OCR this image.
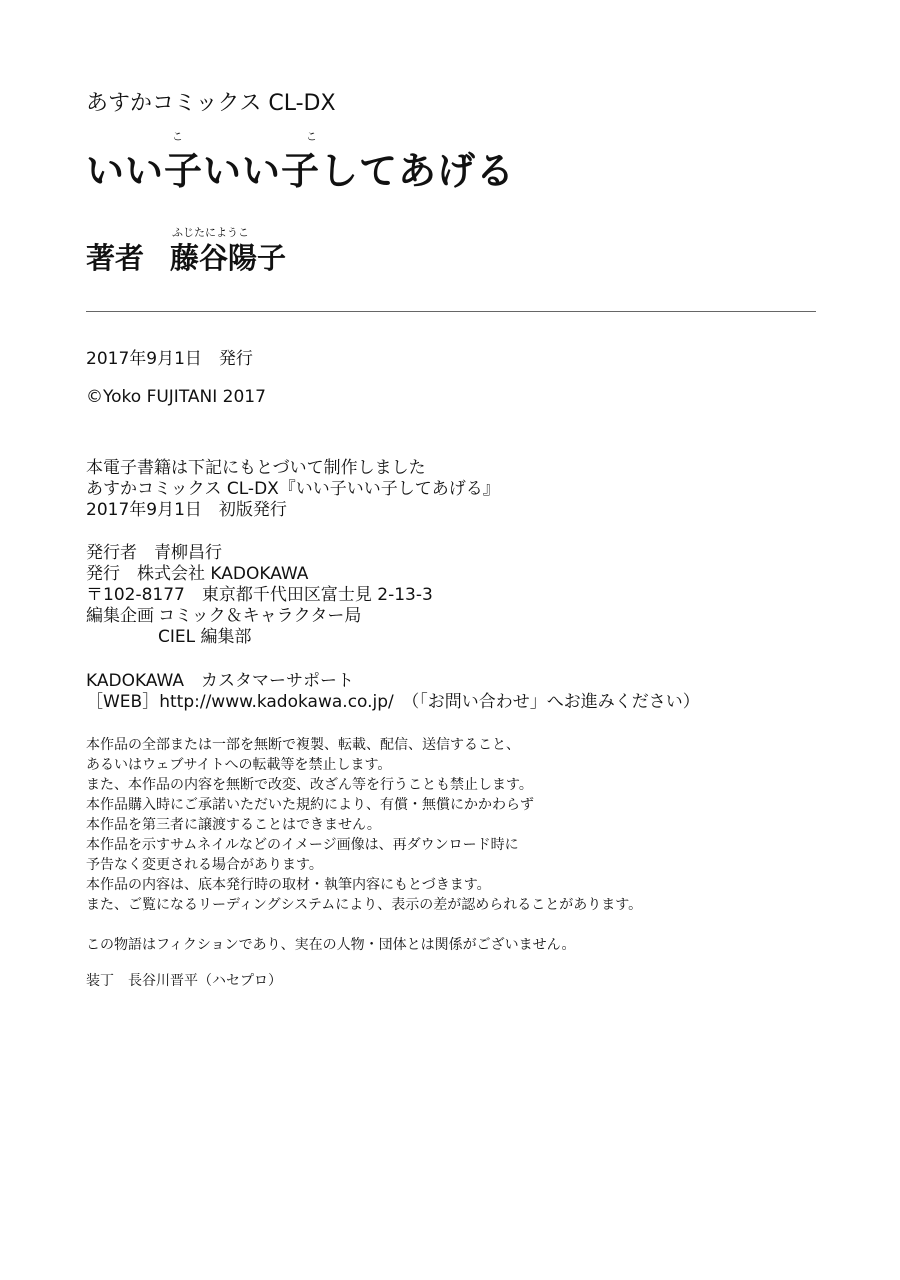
あすかコミックス CL-DX
こ	こ
いい子いい子してあげる
ふじたにようこ
著者 藤谷陽子
2017年9月1日　発行
©Yoko FUJITANI 2017
本電子書籍は下記にもとづいて制作しました
あすかコミックス CL-DX『いい子いい子してあげる』
2017年9月1日　初版発行
発行者　青柳昌行
発行　株式会社 KADOKAWA
〒102-8177　東京都千代田区富士見 2-13-3
編集企画 コミック＆キャラクター局
CIEL 編集部
KADOKAWA　カスタマーサポート
［WEB］http://www.kadokawa.co.jp/　（「お問い合わせ」へお進みください）
本作品の全部または一部を無断で複製、転載、配信、送信すること、
あるいはウェブサイトへの転載等を禁止します。
また、本作品の内容を無断で改変、改ざん等を行うことも禁止します。
本作品購入時にご承諾いただいた規約により、有償・無償にかかわらず
本作品を第三者に譲渡することはできません。
本作品を示すサムネイルなどのイメージ画像は、再ダウンロード時に
予告なく変更される場合があります。
本作品の内容は、底本発行時の取材・執筆内容にもとづきます。
また、ご覧になるリーディングシステムにより、表示の差が認められることがあります。
この物語はフィクションであり、実在の人物・団体とは関係がございません。
装丁　長谷川晋平（ハセプロ）
